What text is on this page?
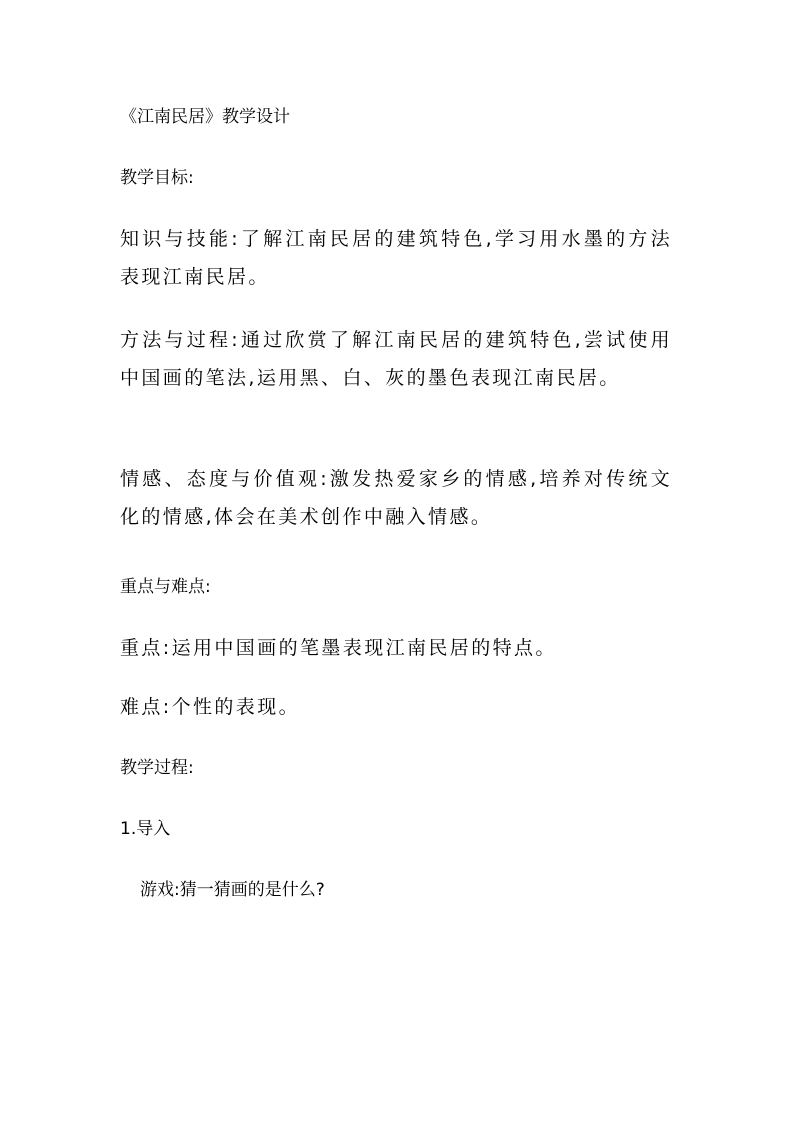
《江南民居》教学设计

教学目标:

知识与技能:了解江南民居的建筑特色,学习用水墨的方法表现江南民居。

方法与过程:通过欣赏了解江南民居的建筑特色,尝试使用中国画的笔法,运用黑、白、灰的墨色表现江南民居。

情感、态度与价值观:激发热爱家乡的情感,培养对传统文化的情感,体会在美术创作中融入情感。

重点与难点:

重点:运用中国画的笔墨表现江南民居的特点。

难点:个性的表现。

教学过程:

1.导入

游戏:猜一猜画的是什么?
